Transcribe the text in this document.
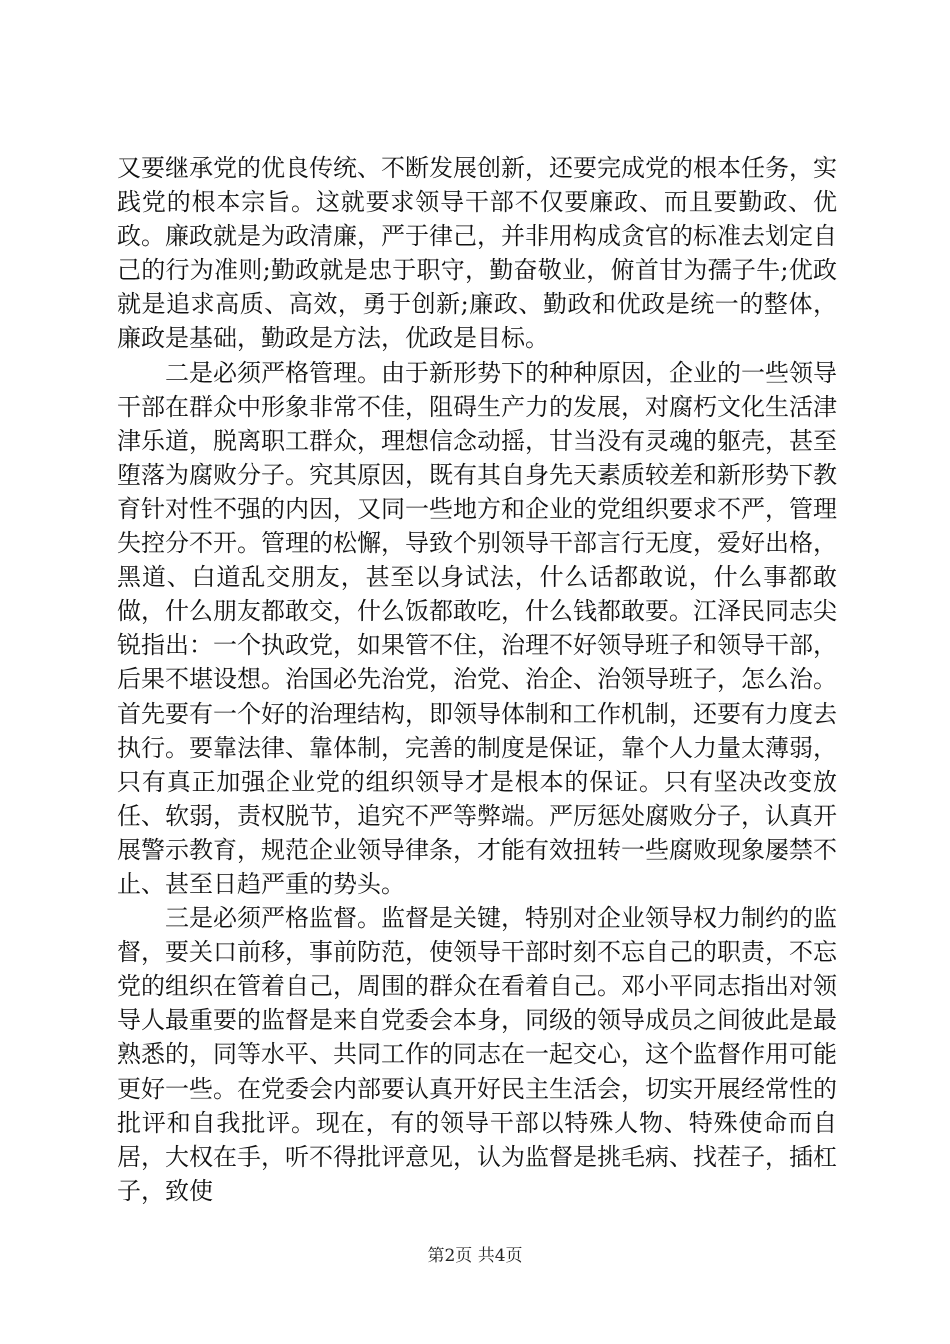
又要继承党的优良传统、不断发展创新，还要完成党的根本任务，实践党的根本宗旨。这就要求领导干部不仅要廉政、而且要勤政、优政。廉政就是为政清廉，严于律己，并非用构成贪官的标准去划定自己的行为准则;勤政就是忠于职守，勤奋敬业，俯首甘为孺子牛;优政就是追求高质、高效，勇于创新;廉政、勤政和优政是统一的整体，廉政是基础，勤政是方法，优政是目标。

二是必须严格管理。由于新形势下的种种原因，企业的一些领导干部在群众中形象非常不佳，阻碍生产力的发展，对腐朽文化生活津津乐道，脱离职工群众，理想信念动摇，甘当没有灵魂的躯壳，甚至堕落为腐败分子。究其原因，既有其自身先天素质较差和新形势下教育针对性不强的内因，又同一些地方和企业的党组织要求不严，管理失控分不开。管理的松懈，导致个别领导干部言行无度，爱好出格，黑道、白道乱交朋友，甚至以身试法，什么话都敢说，什么事都敢做，什么朋友都敢交，什么饭都敢吃，什么钱都敢要。江泽民同志尖锐指出：一个执政党，如果管不住，治理不好领导班子和领导干部，后果不堪设想。治国必先治党，治党、治企、治领导班子，怎么治。首先要有一个好的治理结构，即领导体制和工作机制，还要有力度去执行。要靠法律、靠体制，完善的制度是保证，靠个人力量太薄弱，只有真正加强企业党的组织领导才是根本的保证。只有坚决改变放任、软弱，责权脱节，追究不严等弊端。严厉惩处腐败分子，认真开展警示教育，规范企业领导律条，才能有效扭转一些腐败现象屡禁不止、甚至日趋严重的势头。

三是必须严格监督。监督是关键，特别对企业领导权力制约的监督，要关口前移，事前防范，使领导干部时刻不忘自己的职责，不忘党的组织在管着自己，周围的群众在看着自己。邓小平同志指出对领导人最重要的监督是来自党委会本身，同级的领导成员之间彼此是最熟悉的，同等水平、共同工作的同志在一起交心，这个监督作用可能更好一些。在党委会内部要认真开好民主生活会，切实开展经常性的批评和自我批评。现在，有的领导干部以特殊人物、特殊使命而自居，大权在手，听不得批评意见，认为监督是挑毛病、找茬子，插杠子，致使

第2页 共4页
